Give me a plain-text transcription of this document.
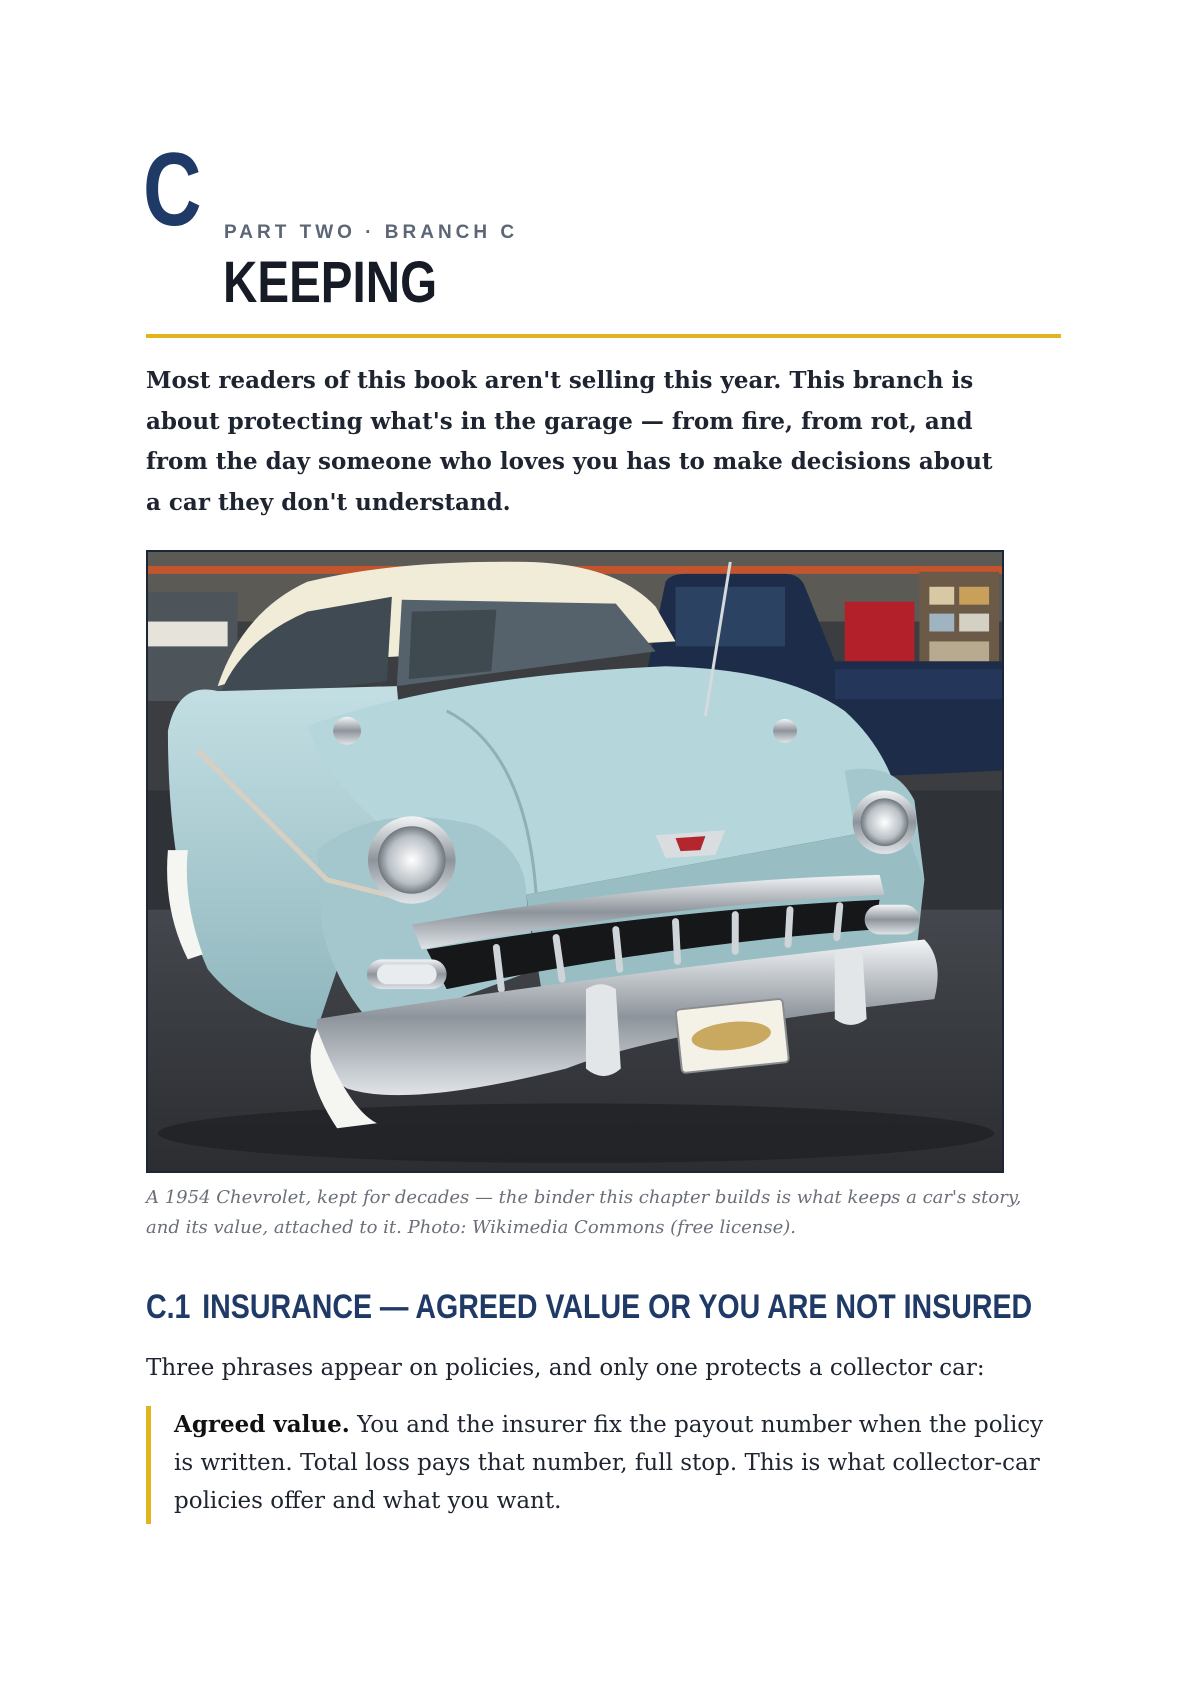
C PART TWO · BRANCH C
KEEPING

Most readers of this book aren't selling this year. This branch is about protecting what's in the garage — from fire, from rot, and from the day someone who loves you has to make decisions about a car they don't understand.

A 1954 Chevrolet, kept for decades — the binder this chapter builds is what keeps a car's story, and its value, attached to it. Photo: Wikimedia Commons (free license).

C.1 INSURANCE — AGREED VALUE OR YOU ARE NOT INSURED

Three phrases appear on policies, and only one protects a collector car:

Agreed value. You and the insurer fix the payout number when the policy is written. Total loss pays that number, full stop. This is what collector-car policies offer and what you want.
